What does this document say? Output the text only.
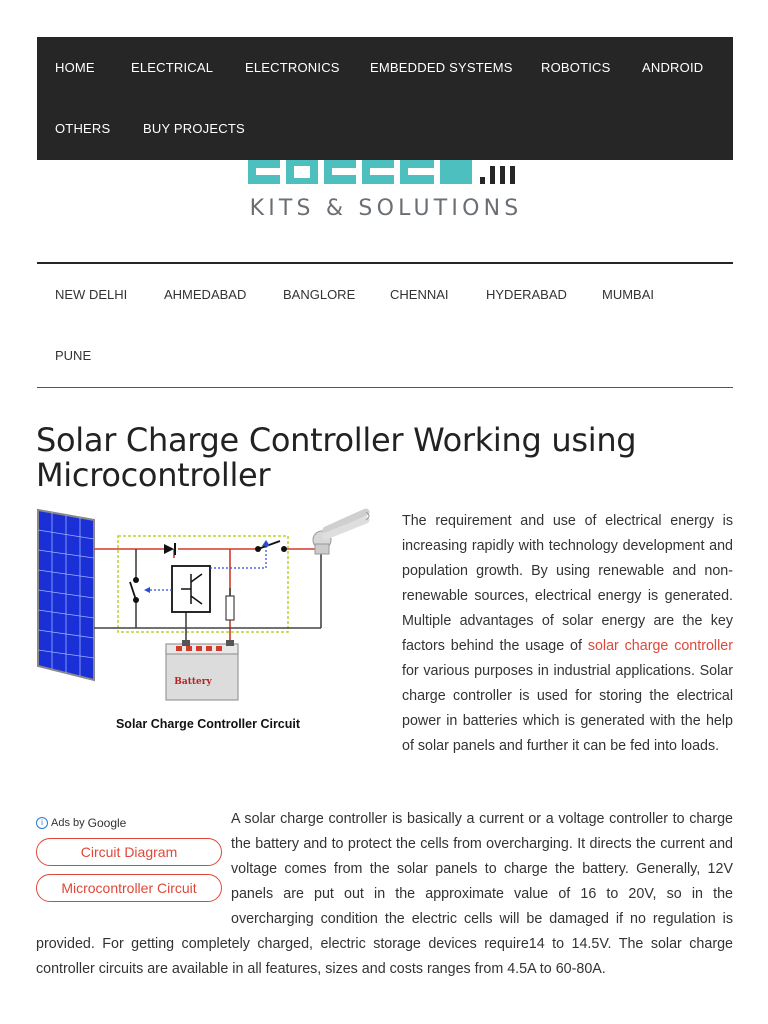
HOME	ELECTRICAL ELECTRONICS EMBEDDED SYSTEMS ROBOTICS ANDROID
OTHERS	BUY PROJECTS
KITS & SOLUTIONS
NEW DELHI	AHMEDABAD	BANGLORE	CHENNAI	HYDERABAD	MUMBAI
PUNE
Solar Charge Controller Working using Microcontroller
Battery
Solar Charge Controller Circuit

The requirement and use of electrical energy is increasing rapidly with technology development and population growth. By using renewable and non-renewable sources, electrical energy is generated. Multiple advantages of solar energy are the key factors behind the usage of solar charge controller for various purposes in industrial applications. Solar charge controller is used for storing the electrical power in batteries which is generated with the help of solar panels and further it can be fed into loads.

A solar charge controller is basically a current or a voltage controller to charge the battery and to protect the cells from overcharging. It directs the current and voltage comes from the solar panels to charge the battery. Generally, 12V panels are put out in the approximate value of 16 to 20V, so in the overcharging condition the electric cells will be damaged if no regulation is provided. For getting completely charged, electric storage devices require14 to 14.5V. The solar charge controller circuits are available in all features, sizes and costs ranges from 4.5A to 60-80A.

i Ads by Google
Circuit Diagram
Microcontroller Circuit
